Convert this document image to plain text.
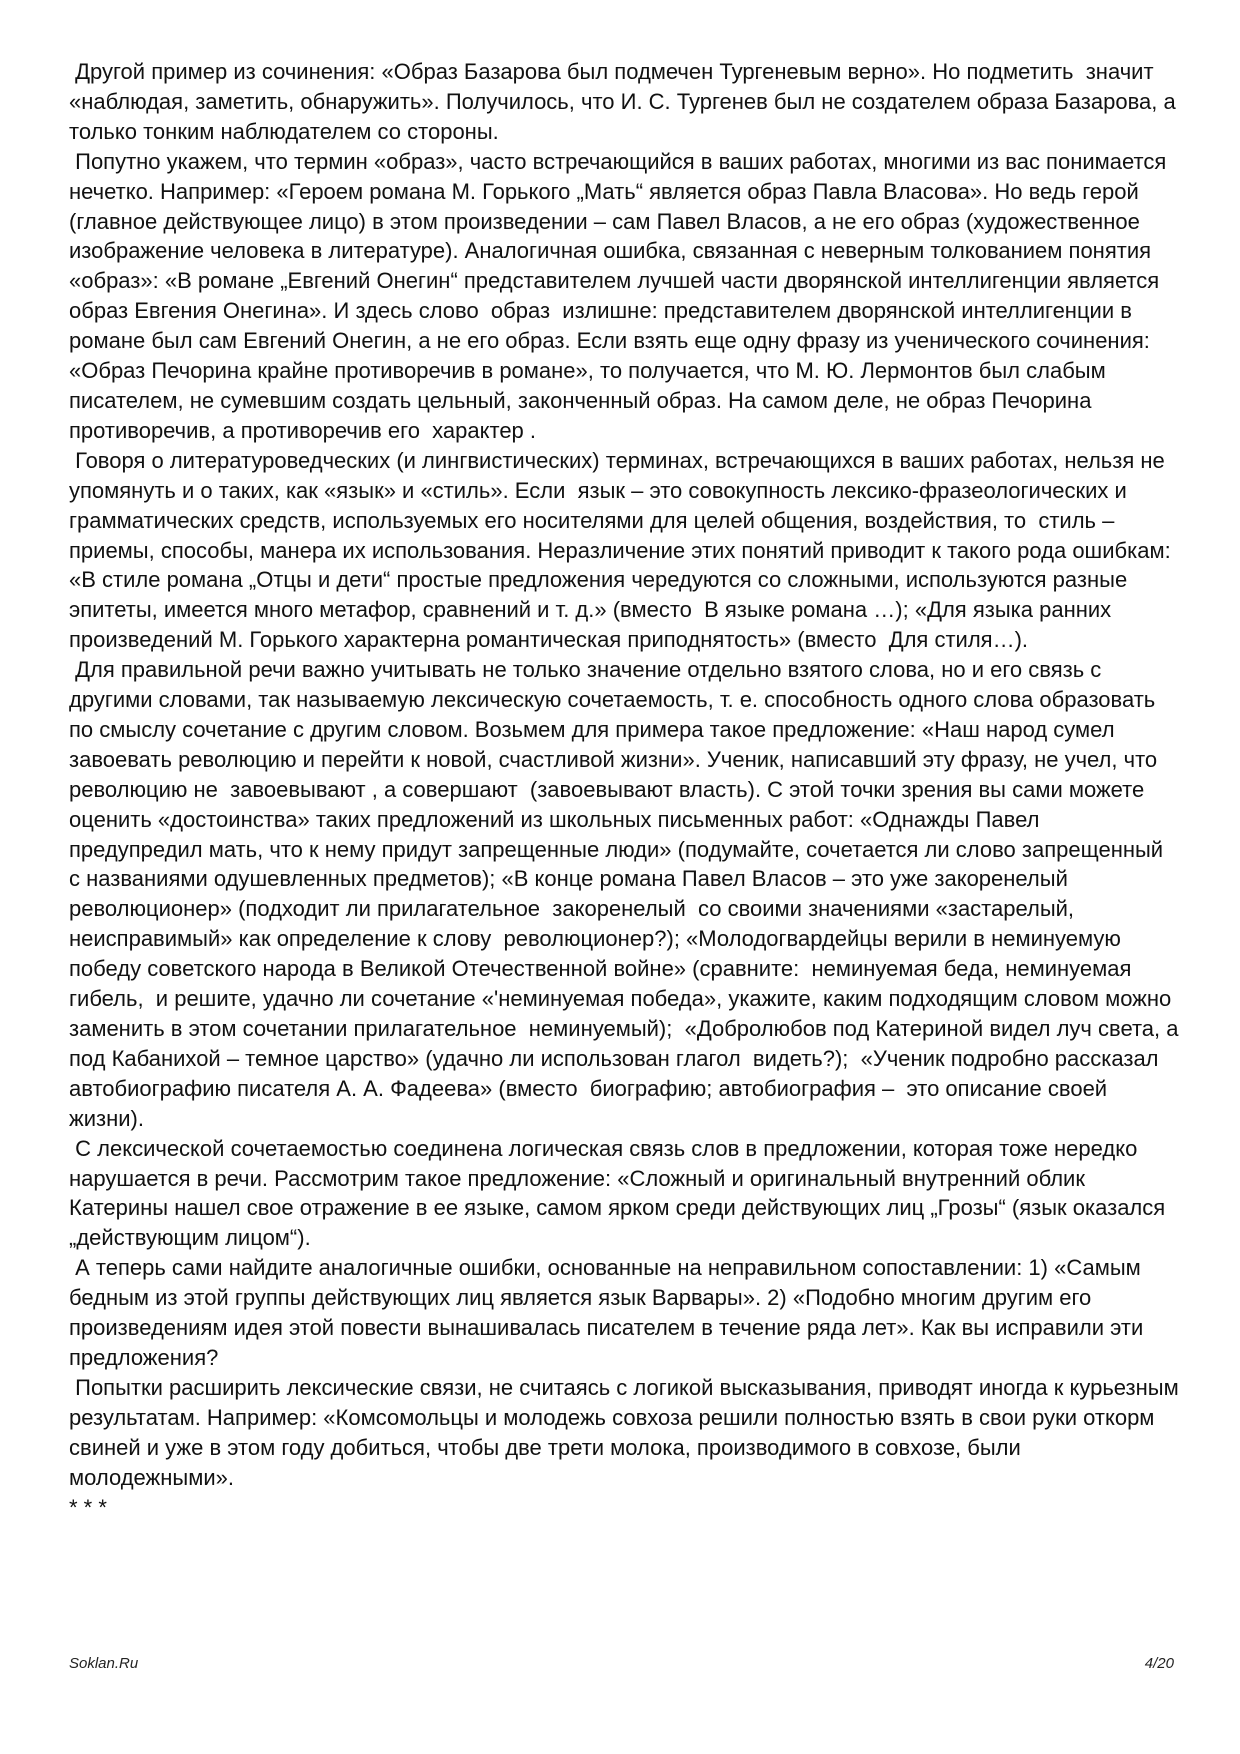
Другой пример из сочинения: «Образ Базарова был подмечен Тургеневым верно». Но подметить  значит «наблюдая, заметить, обнаружить». Получилось, что И. С. Тургенев был не создателем образа Базарова, а только тонким наблюдателем со стороны.

Попутно укажем, что термин «образ», часто встречающийся в ваших работах, многими из вас понимается нечетко. Например: «Героем романа М. Горького „Мать“ является образ Павла Власова». Но ведь герой (главное действующее лицо) в этом произведении – сам Павел Власов, а не его образ (художественное изображение человека в литературе). Аналогичная ошибка, связанная с неверным толкованием понятия «образ»: «В романе „Евгений Онегин“ представителем лучшей части дворянской интеллигенции является образ Евгения Онегина». И здесь слово  образ  излишне: представителем дворянской интеллигенции в романе был сам Евгений Онегин, а не его образ. Если взять еще одну фразу из ученического сочинения: «Образ Печорина крайне противоречив в романе», то получается, что М. Ю. Лермонтов был слабым писателем, не сумевшим создать цельный, законченный образ. На самом деле, не образ Печорина противоречив, а противоречив его  характер .

Говоря о литературоведческих (и лингвистических) терминах, встречающихся в ваших работах, нельзя не упомянуть и о таких, как «язык» и «стиль». Если  язык – это совокупность лексико-фразеологических и грамматических средств, используемых его носителями для целей общения, воздействия, то  стиль – приемы, способы, манера их использования. Неразличение этих понятий приводит к такого рода ошибкам: «В стиле романа „Отцы и дети“ простые предложения чередуются со сложными, используются разные эпитеты, имеется много метафор, сравнений и т. д.» (вместо  В языке романа …); «Для языка ранних произведений М. Горького характерна романтическая приподнятость» (вместо  Для стиля…).

Для правильной речи важно учитывать не только значение отдельно взятого слова, но и его связь с другими словами, так называемую лексическую сочетаемость, т. е. способность одного слова образовать по смыслу сочетание с другим словом. Возьмем для примера такое предложение: «Наш народ сумел завоевать революцию и перейти к новой, счастливой жизни». Ученик, написавший эту фразу, не учел, что революцию не  завоевывают , а совершают  (завоевывают власть). С этой точки зрения вы сами можете оценить «достоинства» таких предложений из школьных письменных работ: «Однажды Павел предупредил мать, что к нему придут запрещенные люди» (подумайте, сочетается ли слово запрещенный  с названиями одушевленных предметов); «В конце романа Павел Власов – это уже закоренелый революционер» (подходит ли прилагательное  закоренелый  со своими значениями «застарелый, неисправимый» как определение к слову  революционер?); «Молодогвардейцы верили в неминуемую победу советского народа в Великой Отечественной войне» (сравните:  неминуемая беда, неминуемая гибель,  и решите, удачно ли сочетание «'неминуемая победа», укажите, каким подходящим словом можно заменить в этом сочетании прилагательное  неминуемый);  «Добролюбов под Катериной видел луч света, а под Кабанихой – темное царство» (удачно ли использован глагол  видеть?);  «Ученик подробно рассказал автобиографию писателя А. А. Фадеева» (вместо  биографию; автобиография –  это описание своей жизни).

С лексической сочетаемостью соединена логическая связь слов в предложении, которая тоже нередко нарушается в речи. Рассмотрим такое предложение: «Сложный и оригинальный внутренний облик Катерины нашел свое отражение в ее языке, самом ярком среди действующих лиц „Грозы“ (язык оказался „действующим лицом“).

А теперь сами найдите аналогичные ошибки, основанные на неправильном сопоставлении: 1) «Самым бедным из этой группы действующих лиц является язык Варвары». 2) «Подобно многим другим его произведениям идея этой повести вынашивалась писателем в течение ряда лет». Как вы исправили эти предложения?

Попытки расширить лексические связи, не считаясь с логикой высказывания, приводят иногда к курьезным результатам. Например: «Комсомольцы и молодежь совхоза решили полностью взять в свои руки откорм свиней и уже в этом году добиться, чтобы две трети молока, производимого в совхозе, были молодежными».

* * *

Soklan.Ru	4/20
